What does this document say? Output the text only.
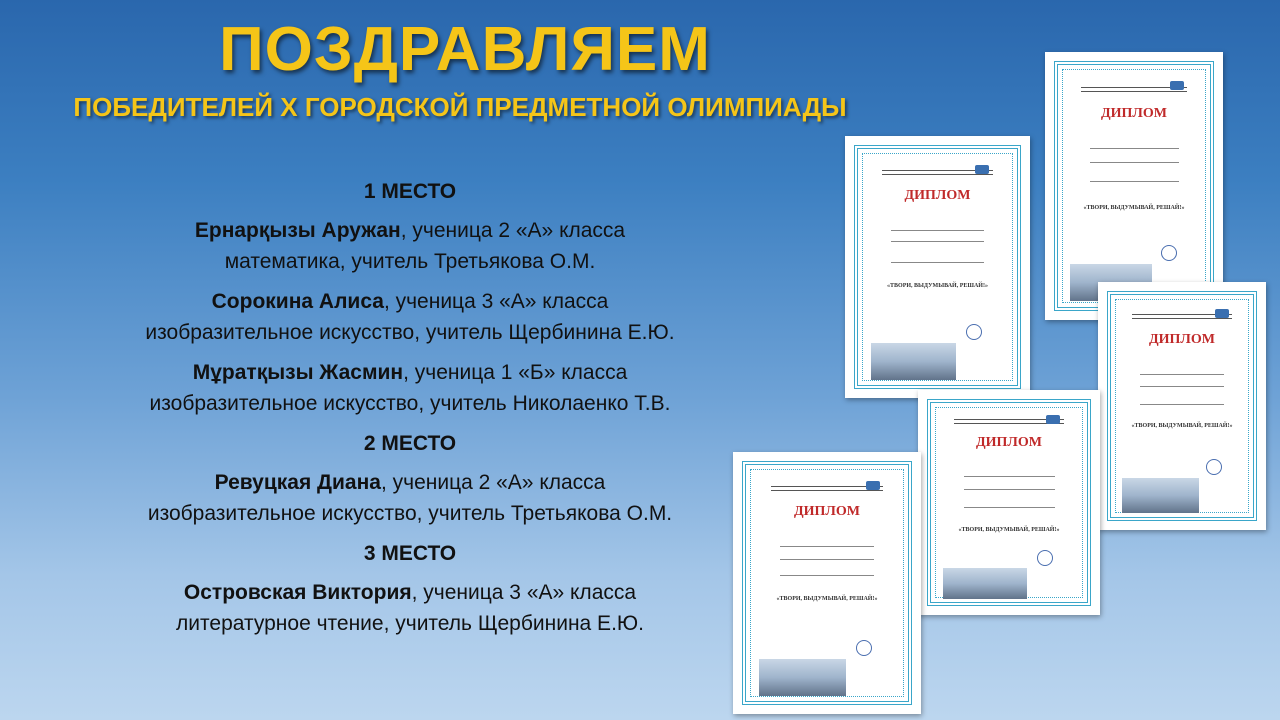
ПОЗДРАВЛЯЕМ
ПОБЕДИТЕЛЕЙ X ГОРОДСКОЙ ПРЕДМЕТНОЙ ОЛИМПИАДЫ
1 МЕСТО
Ернарқызы Аружан, ученица 2 «А» класса
математика, учитель Третьякова О.М.
Сорокина Алиса, ученица 3 «А» класса
изобразительное искусство, учитель Щербинина Е.Ю.
Мұратқызы Жасмин, ученица 1 «Б» класса
изобразительное искусство, учитель Николаенко Т.В.
2 МЕСТО
Ревуцкая Диана, ученица 2 «А» класса
изобразительное искусство, учитель Третьякова О.М.
3 МЕСТО
Островская Виктория, ученица 3 «А» класса
литературное чтение, учитель Щербинина Е.Ю.
ДИПЛОМ
«ТВОРИ, ВЫДУМЫВАЙ, РЕШАЙ!»
ДИПЛОМ
«ТВОРИ, ВЫДУМЫВАЙ, РЕШАЙ!»
ДИПЛОМ
«ТВОРИ, ВЫДУМЫВАЙ, РЕШАЙ!»
ДИПЛОМ
«ТВОРИ, ВЫДУМЫВАЙ, РЕШАЙ!»
ДИПЛОМ
«ТВОРИ, ВЫДУМЫВАЙ, РЕШАЙ!»
